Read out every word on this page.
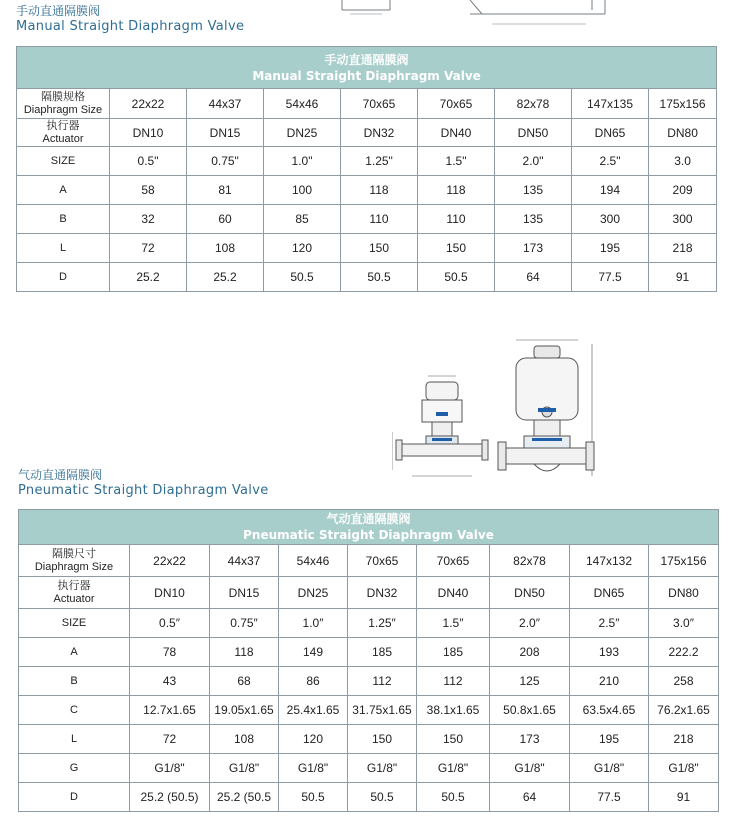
手动直通隔膜阀
Manual Straight Diaphragm Valve
手动直通隔膜阀
Manual Straight Diaphragm Valve								

隔膜规格
Diaphragm Size	22x22	44x37	54x46	70x65	70x65	82x78	147x135	175x156

执行器
Actuator	DN10	DN15	DN25	DN32	DN40	DN50	DN65	DN80

SIZE	0.5"	0.75"	1.0"	1.25"	1.5"	2.0"	2.5"	3.0

A	58	81	100	118	118	135	194	209

B	32	60	85	110	110	135	300	300

L	72	108	120	150	150	173	195	218

D	25.2	25.2	50.5	50.5	50.5	64	77.5	91
气动直通隔膜阀
Pneumatic Straight Diaphragm Valve
气动直通隔膜阀
Pneumatic Straight Diaphragm Valve								

隔膜尺寸
Diaphragm Size	22x22	44x37	54x46	70x65	70x65	82x78	147x132	175x156

执行器
Actuator	DN10	DN15	DN25	DN32	DN40	DN50	DN65	DN80

SIZE	0.5″	0.75″	1.0″	1.25″	1.5″	2.0″	2.5″	3.0″

A	78	118	149	185	185	208	193	222.2

B	43	68	86	112	112	125	210	258

C	12.7x1.65	19.05x1.65	25.4x1.65	31.75x1.65	38.1x1.65	50.8x1.65	63.5x4.65	76.2x1.65

L	72	108	120	150	150	173	195	218

G	G1/8"	G1/8"	G1/8"	G1/8"	G1/8"	G1/8"	G1/8"	G1/8"

D	25.2 (50.5)	25.2 (50.5	50.5	50.5	50.5	64	77.5	91
